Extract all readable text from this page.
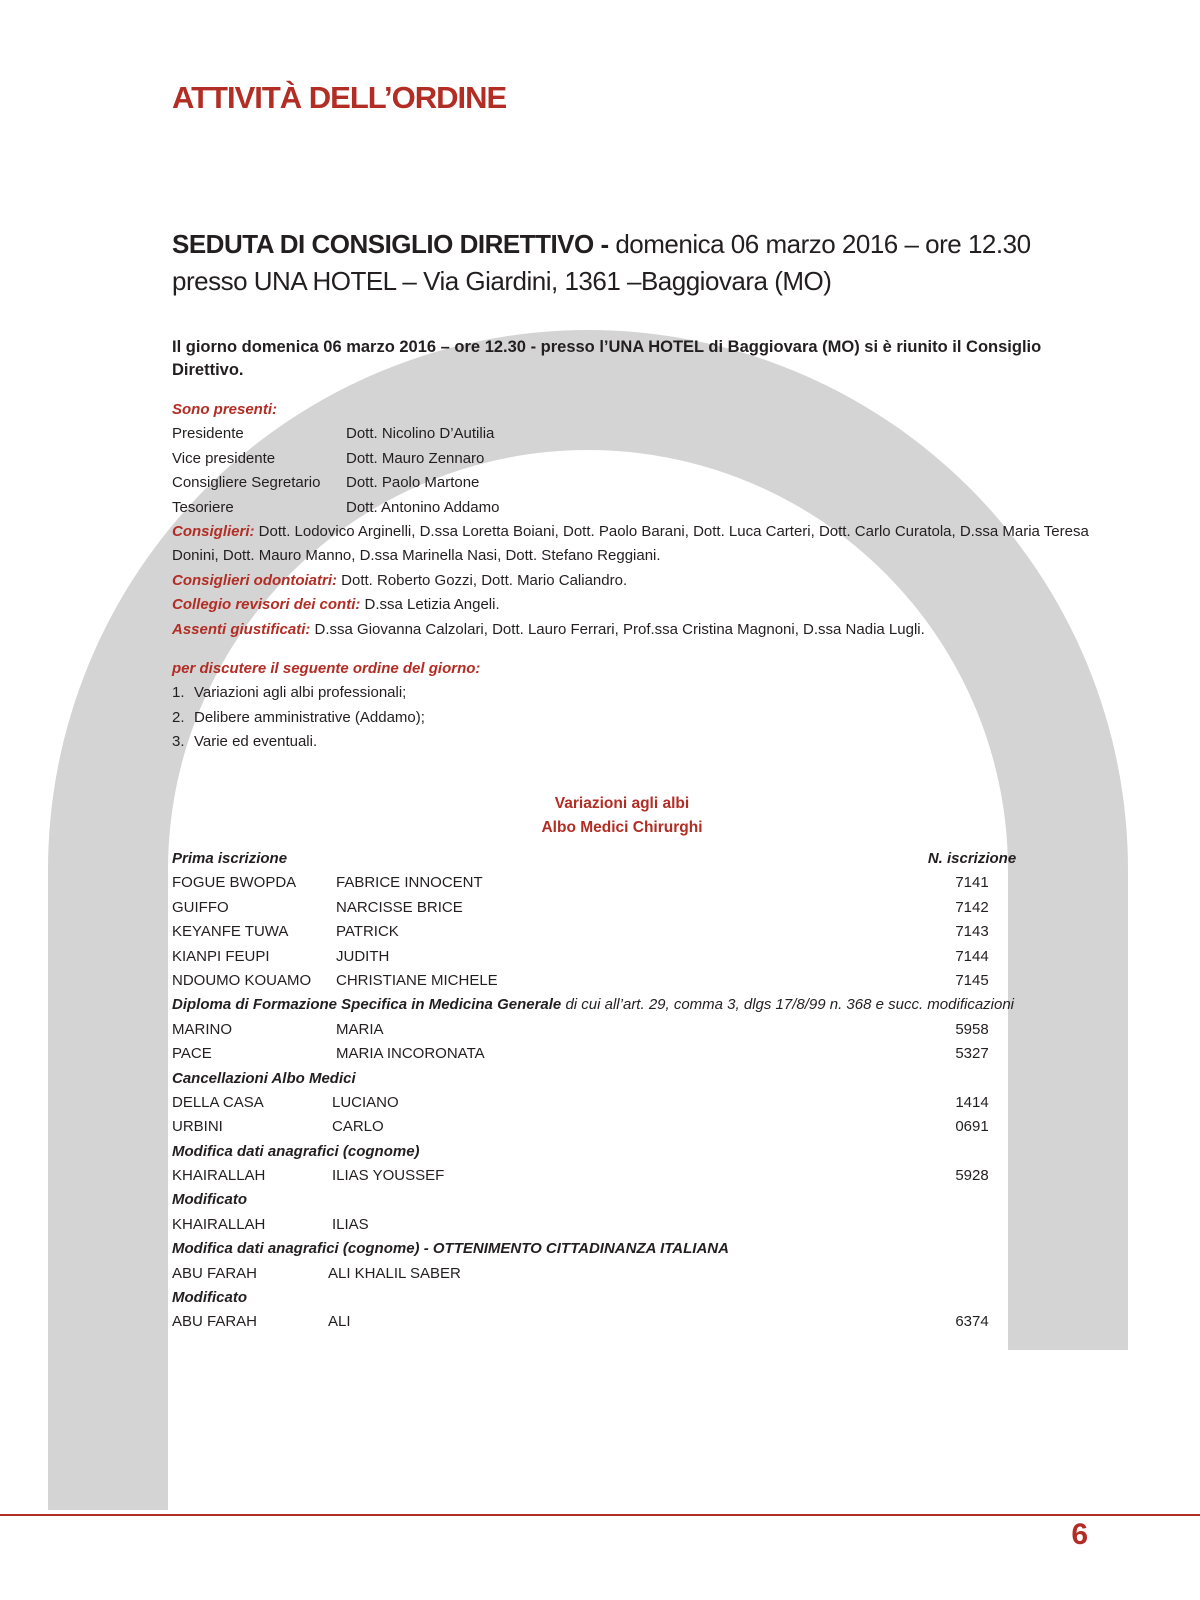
ATTIVITÀ DELL’ORDINE
SEDUTA DI CONSIGLIO DIRETTIVO - domenica 06 marzo 2016 – ore 12.30
presso UNA HOTEL – Via Giardini, 1361 –Baggiovara (MO)

Il giorno domenica 06 marzo 2016 – ore 12.30 - presso l’UNA HOTEL di Baggiovara (MO) si è riunito il Consiglio Direttivo.

Sono presenti:
Presidente	Dott. Nicolino D’Autilia
Vice presidente	Dott. Mauro Zennaro
Consigliere Segretario	Dott. Paolo Martone
Tesoriere	Dott. Antonino Addamo

Consiglieri: Dott. Lodovico Arginelli, D.ssa Loretta Boiani, Dott. Paolo Barani, Dott. Luca Carteri, Dott. Carlo Curatola, D.ssa Maria Teresa Donini, Dott. Mauro Manno, D.ssa Marinella Nasi, Dott. Stefano Reggiani.

Consiglieri odontoiatri: Dott. Roberto Gozzi, Dott. Mario Caliandro.

Collegio revisori dei conti: D.ssa Letizia Angeli.

Assenti giustificati: D.ssa Giovanna Calzolari, Dott. Lauro Ferrari, Prof.ssa Cristina Magnoni, D.ssa Nadia Lugli.

per discutere il seguente ordine del giorno:
1. Variazioni agli albi professionali;
2. Delibere amministrative (Addamo);
3. Varie ed eventuali.
Variazioni agli albi
Albo Medici Chirurghi
Prima iscrizione	N. iscrizione
FOGUE BWOPDA	FABRICE INNOCENT	7141
GUIFFO	NARCISSE BRICE	7142
KEYANFE TUWA	PATRICK	7143
KIANPI FEUPI	JUDITH	7144
NDOUMO KOUAMO	CHRISTIANE MICHELE	7145
Diploma di Formazione Specifica in Medicina Generale di cui all’art. 29, comma 3, dlgs 17/8/99 n. 368 e succ. modificazioni
MARINO	MARIA	5958
PACE	MARIA INCORONATA	5327
Cancellazioni Albo Medici
DELLA CASA	LUCIANO	1414
URBINI	CARLO	0691
Modifica dati anagrafici (cognome)
KHAIRALLAH	ILIAS YOUSSEF	5928
Modificato
KHAIRALLAH	ILIAS
Modifica dati anagrafici (cognome) - OTTENIMENTO CITTADINANZA ITALIANA
ABU FARAH	ALI KHALIL SABER
Modificato
ABU FARAH	ALI	6374
6
